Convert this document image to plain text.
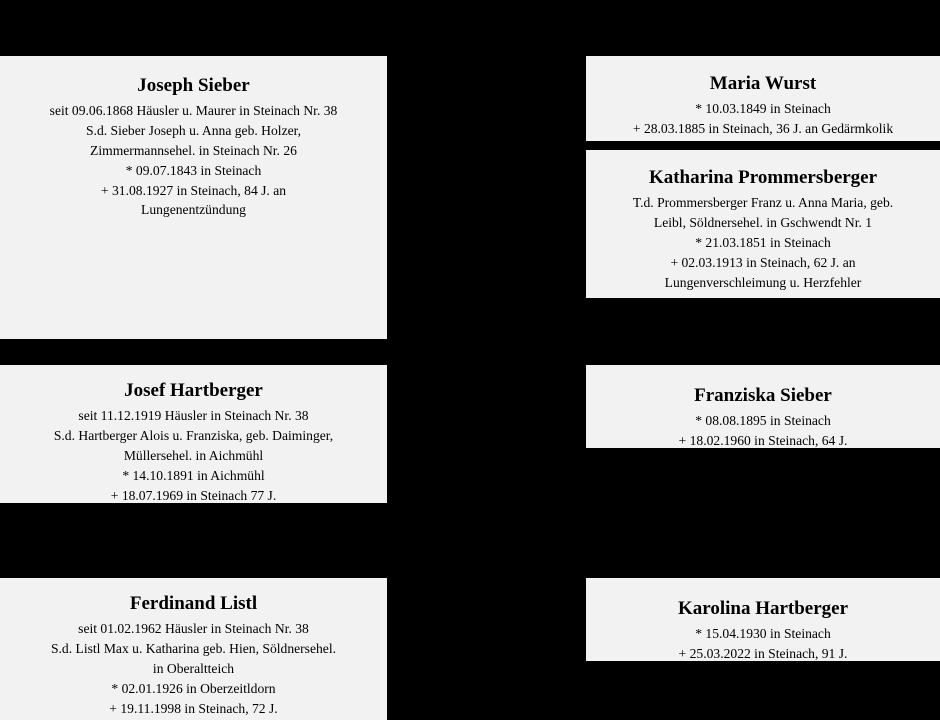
Joseph Sieber
seit 09.06.1868 Häusler u. Maurer in Steinach Nr. 38
S.d. Sieber Joseph u. Anna geb. Holzer,
Zimmermannsehel. in Steinach Nr. 26
* 09.07.1843 in Steinach
+ 31.08.1927 in Steinach, 84 J. an
Lungenentzündung
Josef Hartberger
seit 11.12.1919 Häusler in Steinach Nr. 38
S.d. Hartberger Alois u. Franziska, geb. Daiminger,
Müllersehel. in Aichmühl
* 14.10.1891 in Aichmühl
+ 18.07.1969 in Steinach 77 J.
Ferdinand Listl
seit 01.02.1962 Häusler in Steinach Nr. 38
S.d. Listl Max u. Katharina geb. Hien, Söldnersehel.
in Oberaltteich
* 02.01.1926 in Oberzeitldorn
+ 19.11.1998 in Steinach, 72 J.
Maria Wurst
* 10.03.1849 in Steinach
+ 28.03.1885 in Steinach, 36 J. an Gedärmkolik
Katharina Prommersberger
T.d. Prommersberger Franz u. Anna Maria, geb.
Leibl, Söldnersehel. in Gschwendt Nr. 1
* 21.03.1851 in Steinach
+ 02.03.1913 in Steinach, 62 J. an
Lungenverschleimung u. Herzfehler
Franziska Sieber
* 08.08.1895 in Steinach
+ 18.02.1960 in Steinach, 64 J.
Karolina Hartberger
* 15.04.1930 in Steinach
+ 25.03.2022 in Steinach, 91 J.
